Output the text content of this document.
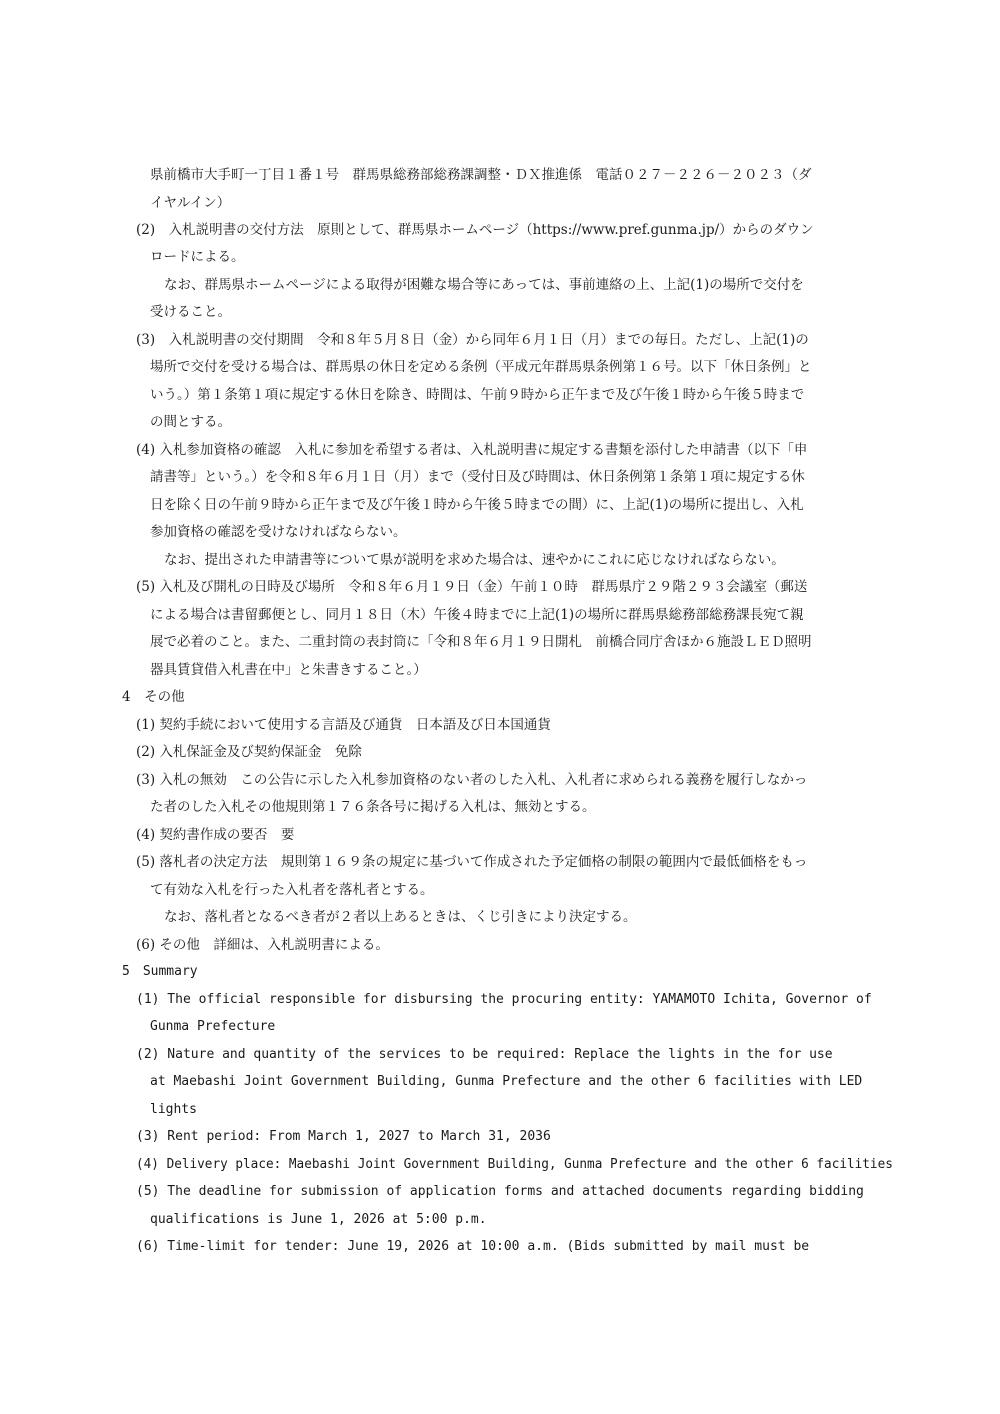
県前橋市大手町一丁目１番１号　群馬県総務部総務課調整・ＤＸ推進係　電話０２７－２２６－２０２３（ダ
イヤルイン）
(2)　入札説明書の交付方法　原則として、群馬県ホームページ（https://www.pref.gunma.jp/）からのダウン
ロードによる。
なお、群馬県ホームページによる取得が困難な場合等にあっては、事前連絡の上、上記(1)の場所で交付を
受けること。
(3)　入札説明書の交付期間　令和８年５月８日（金）から同年６月１日（月）までの毎日。ただし、上記(1)の
場所で交付を受ける場合は、群馬県の休日を定める条例（平成元年群馬県条例第１６号。以下「休日条例」と
いう。）第１条第１項に規定する休日を除き、時間は、午前９時から正午まで及び午後１時から午後５時まで
の間とする。
(4) 入札参加資格の確認　入札に参加を希望する者は、入札説明書に規定する書類を添付した申請書（以下「申
請書等」という。）を令和８年６月１日（月）まで（受付日及び時間は、休日条例第１条第１項に規定する休
日を除く日の午前９時から正午まで及び午後１時から午後５時までの間）に、上記(1)の場所に提出し、入札
参加資格の確認を受けなければならない。
なお、提出された申請書等について県が説明を求めた場合は、速やかにこれに応じなければならない。
(5) 入札及び開札の日時及び場所　令和８年６月１９日（金）午前１０時　群馬県庁２９階２９３会議室（郵送
による場合は書留郵便とし、同月１８日（木）午後４時までに上記(1)の場所に群馬県総務部総務課長宛て親
展で必着のこと。また、二重封筒の表封筒に「令和８年６月１９日開札　前橋合同庁舎ほか６施設ＬＥＤ照明
器具賃貸借入札書在中」と朱書きすること。）
4　その他
(1) 契約手続において使用する言語及び通貨　日本語及び日本国通貨
(2) 入札保証金及び契約保証金　免除
(3) 入札の無効　この公告に示した入札参加資格のない者のした入札、入札者に求められる義務を履行しなかっ
た者のした入札その他規則第１７６条各号に掲げる入札は、無効とする。
(4) 契約書作成の要否　要
(5) 落札者の決定方法　規則第１６９条の規定に基づいて作成された予定価格の制限の範囲内で最低価格をもっ
て有効な入札を行った入札者を落札者とする。
なお、落札者となるべき者が２者以上あるときは、くじ引きにより決定する。
(6) その他　詳細は、入札説明書による。
5　Summary
(1) The official responsible for disbursing the procuring entity: YAMAMOTO Ichita, Governor of
Gunma Prefecture
(2) Nature and quantity of the services to be required: Replace the lights in the for use
at Maebashi Joint Government Building, Gunma Prefecture and the other 6 facilities with LED
lights
(3) Rent period: From March 1, 2027 to March 31, 2036
(4) Delivery place: Maebashi Joint Government Building, Gunma Prefecture and the other 6 facilities
(5) The deadline for submission of application forms and attached documents regarding bidding
qualifications is June 1, 2026 at 5:00 p.m.
(6) Time-limit for tender: June 19, 2026 at 10:00 a.m. (Bids submitted by mail must be
